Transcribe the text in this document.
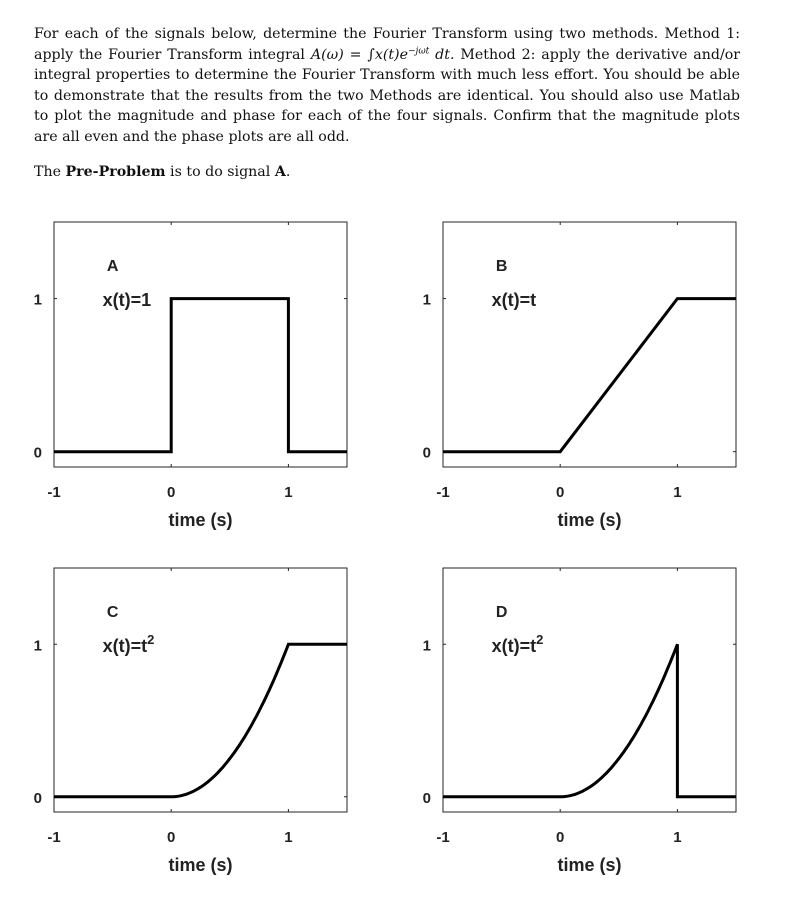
For each of the signals below, determine the Fourier Transform using two methods. Method 1: apply the Fourier Transform integral $A(\omega) = \int x(t)e^{-j\omega t}$ dt. Method 2: apply the derivative and/or integral properties to determine the Fourier Transform with much less effort. You should be able to demonstrate that the results from the two Methods are identical. You should also use Matlab to plot the magnitude and phase for each of the four signals. Confirm that the magnitude plots are all even and the phase plots are all odd.

The Pre-Problem is to do signal A.
0
1
-1	0	1
time (s)
A
x(t)=1
0
1
-1	0	1
time (s)
B
x(t)=t
0
1
-1	0	1
time (s)
C
$x(t)=t^2$
0
1
-1	0	1
time (s)
D
$x(t)=t^2$
